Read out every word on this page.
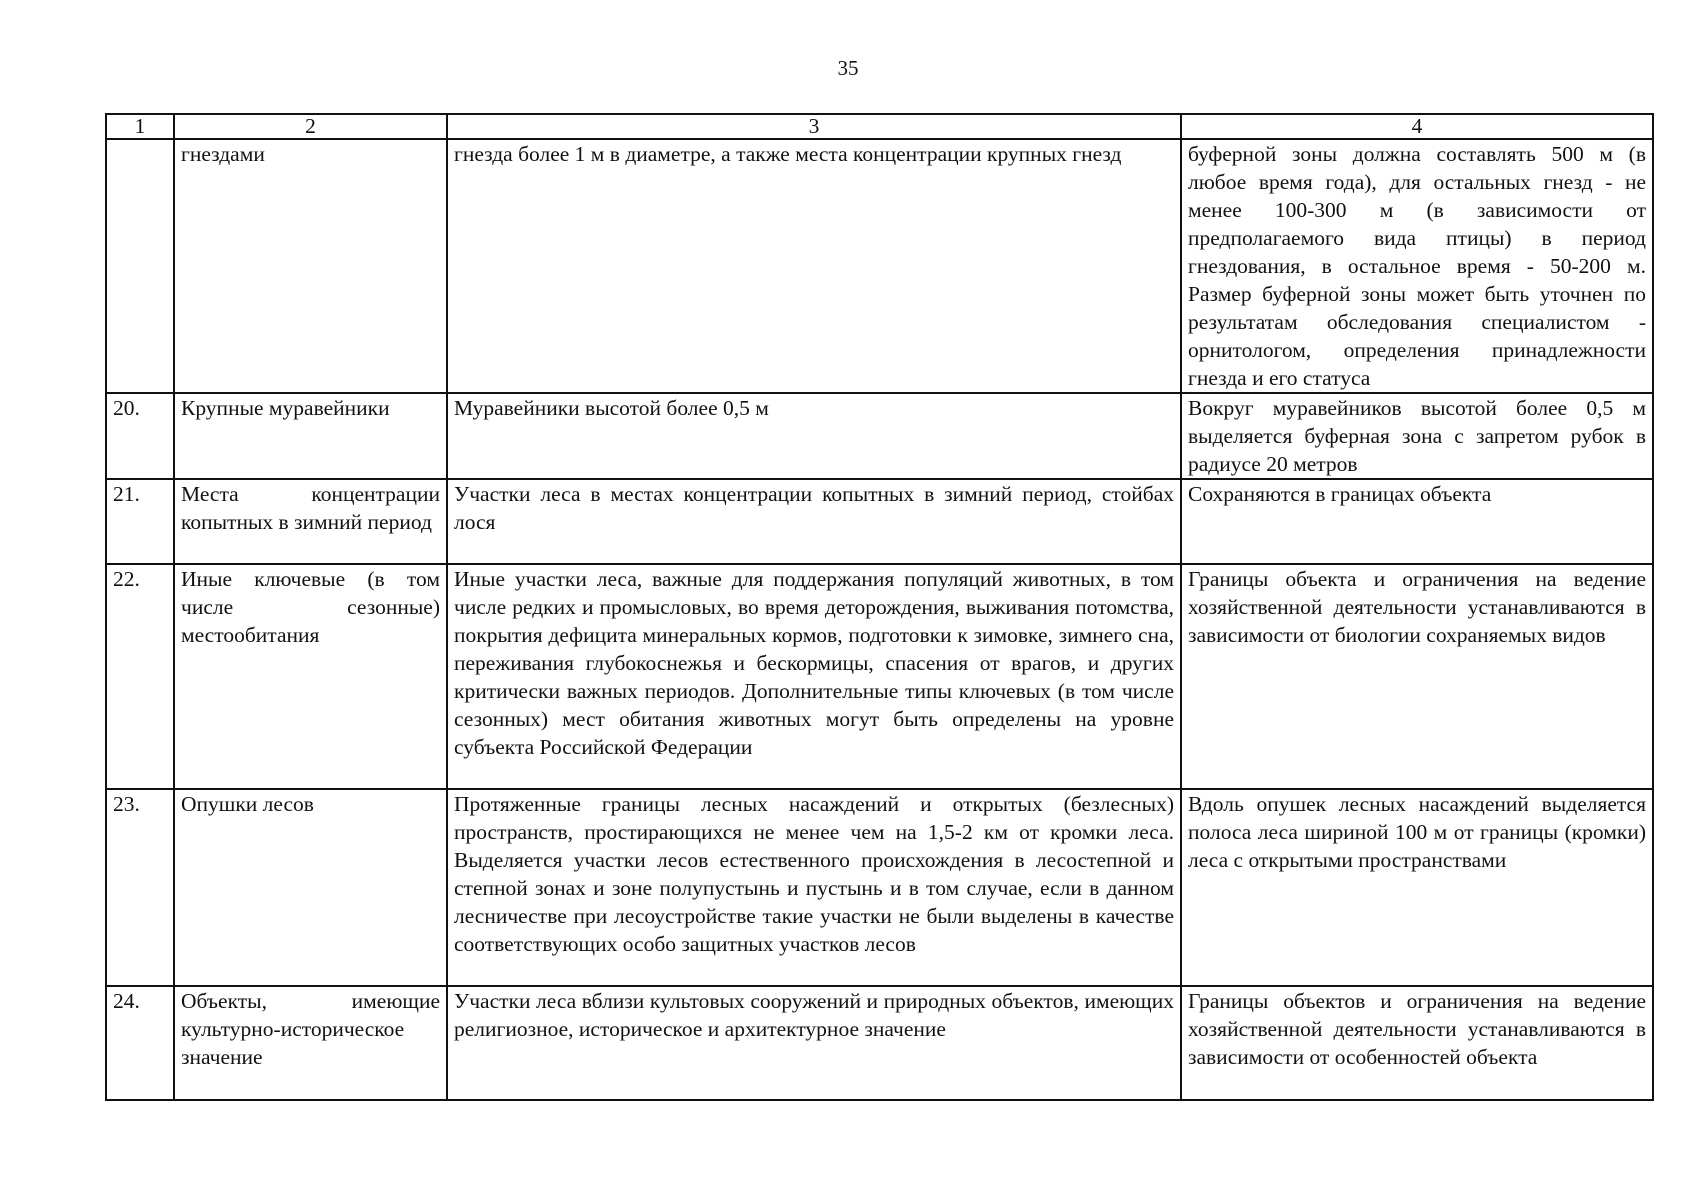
35
1	2	3	4
	гнездами	гнезда более 1 м в диаметре, а также места концентрации крупных гнезд	буферной зоны должна составлять 500 м (в любое время года), для остальных гнезд - не менее 100-300 м (в зависимости от предполагаемого вида птицы) в период гнездования, в остальное время - 50-200 м. Размер буферной зоны может быть уточнен по результатам обследования специалистом - орнитологом, определения принадлежности гнезда и его статуса
20.	Крупные муравейники	Муравейники высотой более 0,5 м	Вокруг муравейников высотой более 0,5 м выделяется буферная зона с запретом рубок в радиусе 20 метров
21.	Места концентрации копытных в зимний период	Участки леса в местах концентрации копытных в зимний период, стойбах лося	Сохраняются в границах объекта
22.	Иные ключевые (в том числе сезонные) местообитания	Иные участки леса, важные для поддержания популяций животных, в том числе редких и промысловых, во время деторождения, выживания потомства, покрытия дефицита минеральных кормов, подготовки к зимовке, зимнего сна, переживания глубокоснежья и бескормицы, спасения от врагов, и других критически важных периодов. Дополнительные типы ключевых (в том числе сезонных) мест обитания животных могут быть определены на уровне субъекта Российской Федерации	Границы объекта и ограничения на ведение хозяйственной деятельности устанавливаются в зависимости от биологии сохраняемых видов
23.	Опушки лесов	Протяженные границы лесных насаждений и открытых (безлесных) пространств, простирающихся не менее чем на 1,5-2 км от кромки леса. Выделяется участки лесов естественного происхождения в лесостепной и степной зонах и зоне полупустынь и пустынь и в том случае, если в данном лесничестве при лесоустройстве такие участки не были выделены в качестве соответствующих особо защитных участков лесов	Вдоль опушек лесных насаждений выделяется полоса леса шириной 100 м от границы (кромки) леса с открытыми пространствами
24.	Объекты, имеющие культурно-историческое значение	Участки леса вблизи культовых сооружений и природных объектов, имеющих религиозное, историческое и архитектурное значение	Границы объектов и ограничения на ведение хозяйственной деятельности устанавливаются в зависимости от особенностей объекта
